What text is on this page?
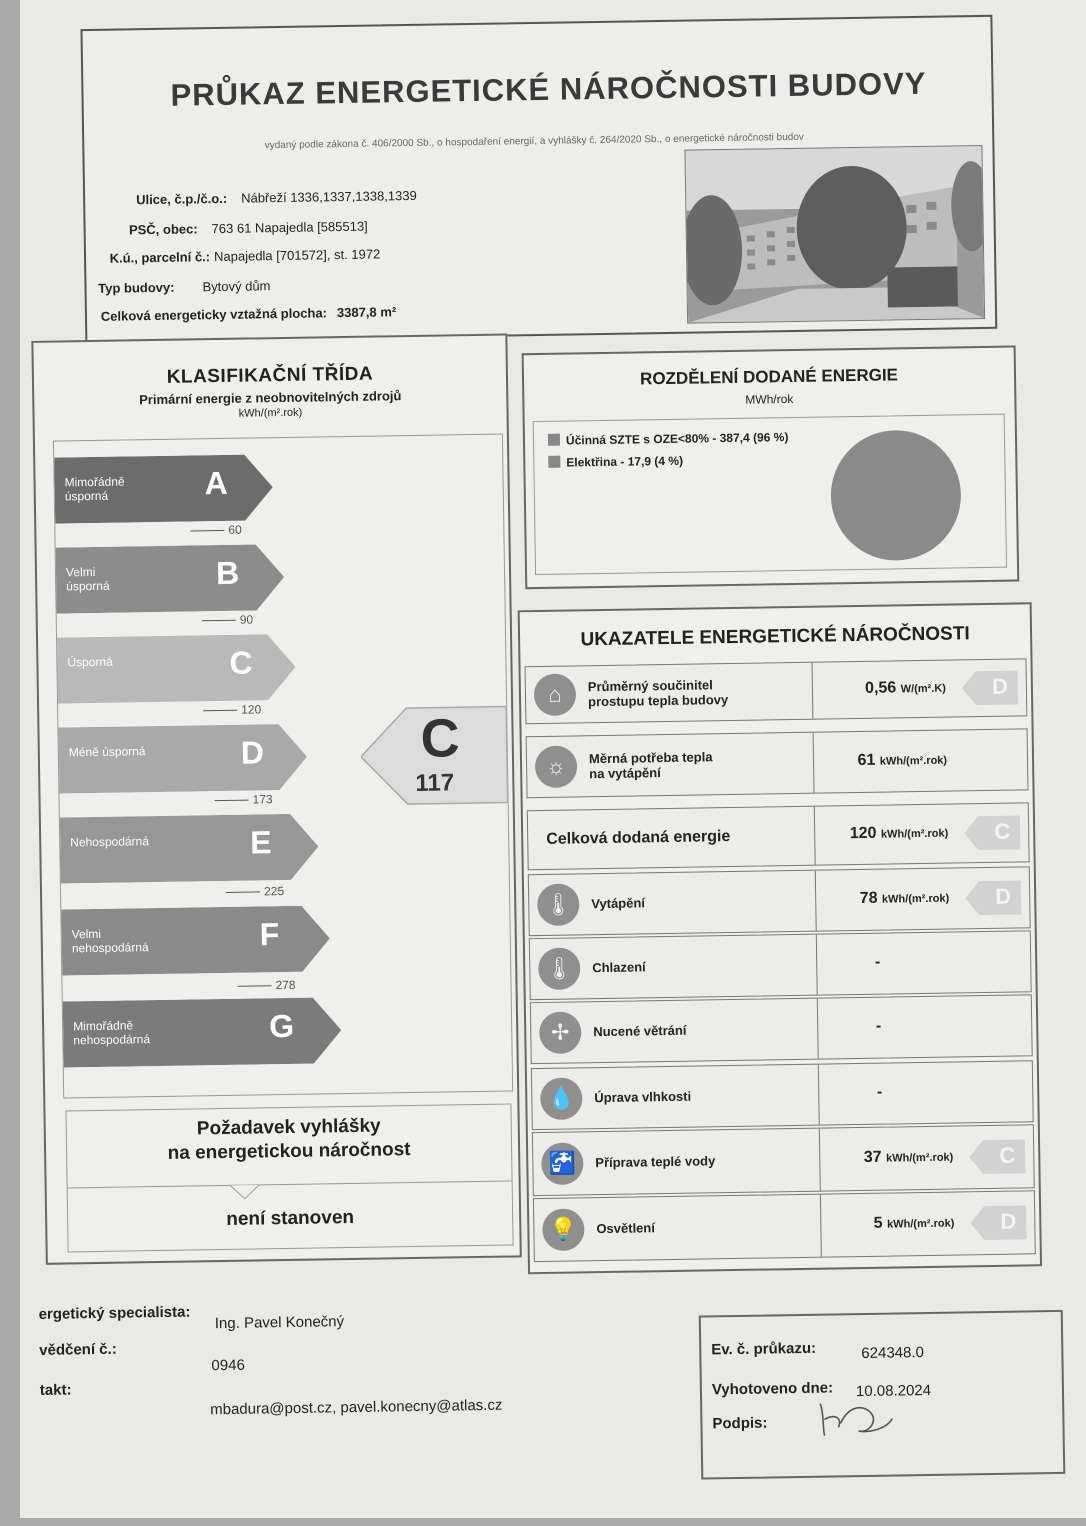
PRŮKAZ ENERGETICKÉ NÁROČNOSTI BUDOVY
vydaný podle zákona č. 406/2000 Sb., o hospodaření energií, a vyhlášky č. 264/2020 Sb., o energetické náročnosti budov
Ulice, č.p./č.o.: Nábřeží 1336,1337,1338,1339
PSČ, obec: 763 61 Napajedla [585513]
K.ú., parcelní č.: Napajedla [701572], st. 1972
Typ budovy: Bytový dům
Celková energeticky vztažná plocha: 3387,8 m²
KLASIFIKAČNÍ TŘÍDA
Primární energie z neobnovitelných zdrojů
kWh/(m².rok)
C
117
Mimořádně
úsporná	A
Velmi
úsporná	B
Úsporná	C
Méně úsporná	D
Nehospodárná	E
Velmi
nehospodárná	F
Mimořádně
nehospodárná	G
60
90
120
173
225
278
Požadavek vyhlášky
na energetickou náročnost
není stanoven
ROZDĚLENÍ DODANÉ ENERGIE
MWh/rok
Účinná SZTE s OZE<80% - 387,4 (96 %)
Elektřina - 17,9 (4 %)
UKAZATELE ENERGETICKÉ NÁROČNOSTI
⌂	Průměrný součinitel
prostupu tepla budovy
0,56 W/(m².K) D
☼	Měrná potřeba tepla
na vytápění
61 kWh/(m².rok)
Celková dodaná energie	120 kWh/(m².rok) C
🌡	Vytápění	78 kWh/(m².rok) D
🌡	Chlazení	-
✢	Nucené větrání	-
💧	Úprava vlhkosti	-
🚰	Příprava teplé vody	37 kWh/(m².rok) C
💡	Osvětlení	5 kWh/(m².rok) D
ergetický specialista: Ing. Pavel Konečný
vědčení č.:
0946
takt:
mbadura@post.cz, pavel.konecny@atlas.cz
Ev. č. průkazu:	624348.0
Vyhotoveno dne: 10.08.2024
Podpis:
